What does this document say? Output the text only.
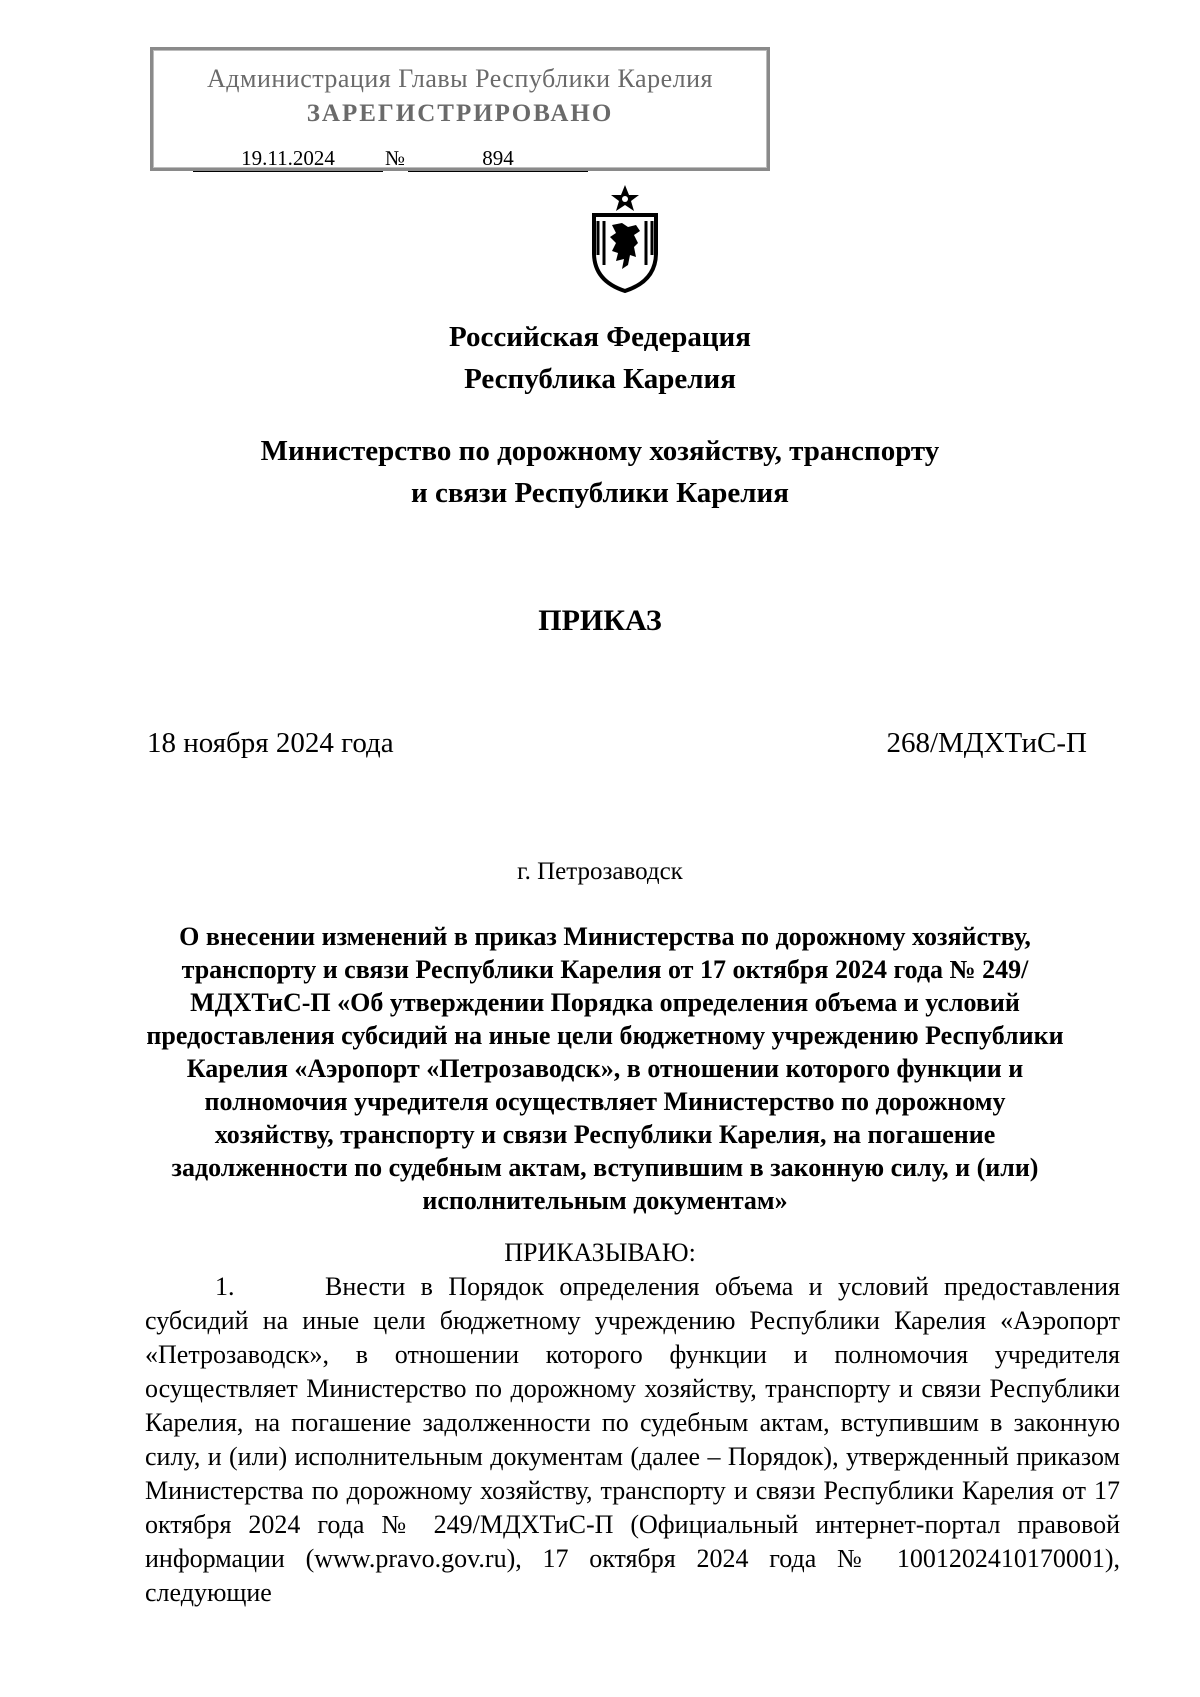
Администрация Главы Республики Карелия
ЗАРЕГИСТРИРОВАНО
19.11.2024	№	894
Российская Федерация
Республика Карелия
Министерство по дорожному хозяйству, транспорту
и связи Республики Карелия
ПРИКАЗ
18 ноября 2024 года	268/МДХТиС-П
г. Петрозаводск
О внесении изменений в приказ Министерства по дорожному хозяйству, транспорту и связи Республики Карелия от 17 октября 2024 года № 249/МДХТиС-П «Об утверждении Порядка определения объема и условий предоставления субсидий на иные цели бюджетному учреждению Республики Карелия «Аэропорт «Петрозаводск», в отношении которого функции и полномочия учредителя осуществляет Министерство по дорожному хозяйству, транспорту и связи Республики Карелия, на погашение задолженности по судебным актам, вступившим в законную силу, и (или) исполнительным документам»
ПРИКАЗЫВАЮ:
1.	Внести в Порядок определения объема и условий предоставления субсидий на иные цели бюджетному учреждению Республики Карелия «Аэропорт «Петрозаводск», в отношении которого функции и полномочия учредителя осуществляет Министерство по дорожному хозяйству, транспорту и связи Республики Карелия, на погашение задолженности по судебным актам, вступившим в законную силу, и (или) исполнительным документам (далее – Порядок), утвержденный приказом Министерства по дорожному хозяйству, транспорту и связи Республики Карелия от 17 октября 2024 года № 249/МДХТиС-П (Официальный интернет-портал правовой информации (www.pravo.gov.ru), 17 октября 2024 года № 1001202410170001), следующие
